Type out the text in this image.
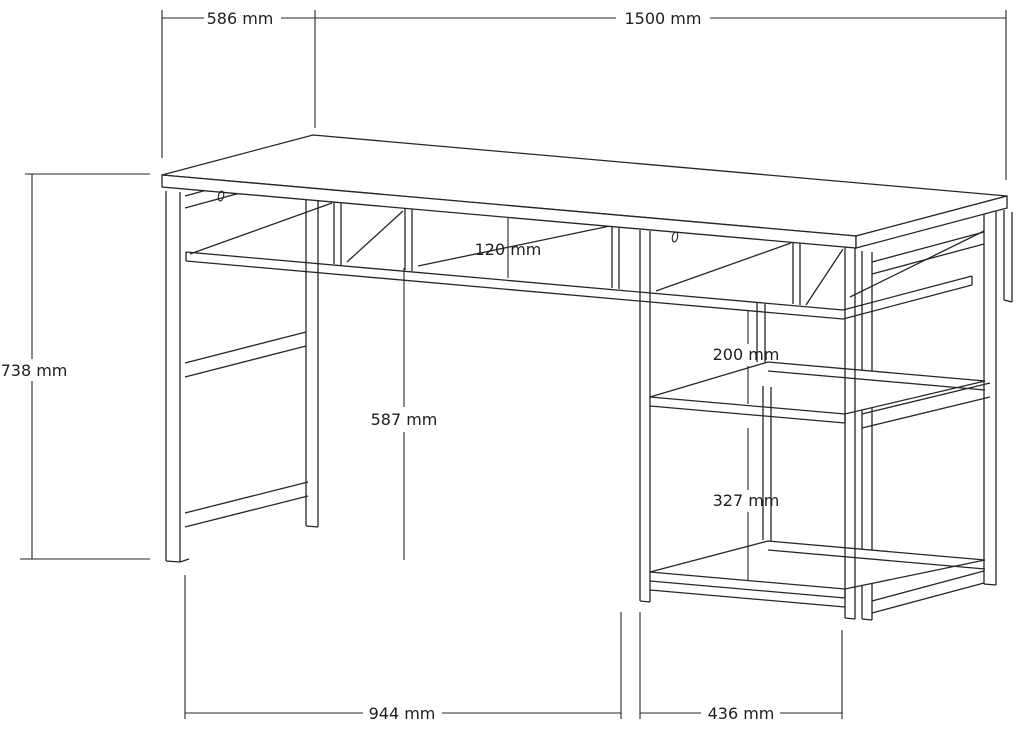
586 mm	1500 mm
738 mm
120 mm
587 mm
200 mm
327 mm
944 mm	436 mm
